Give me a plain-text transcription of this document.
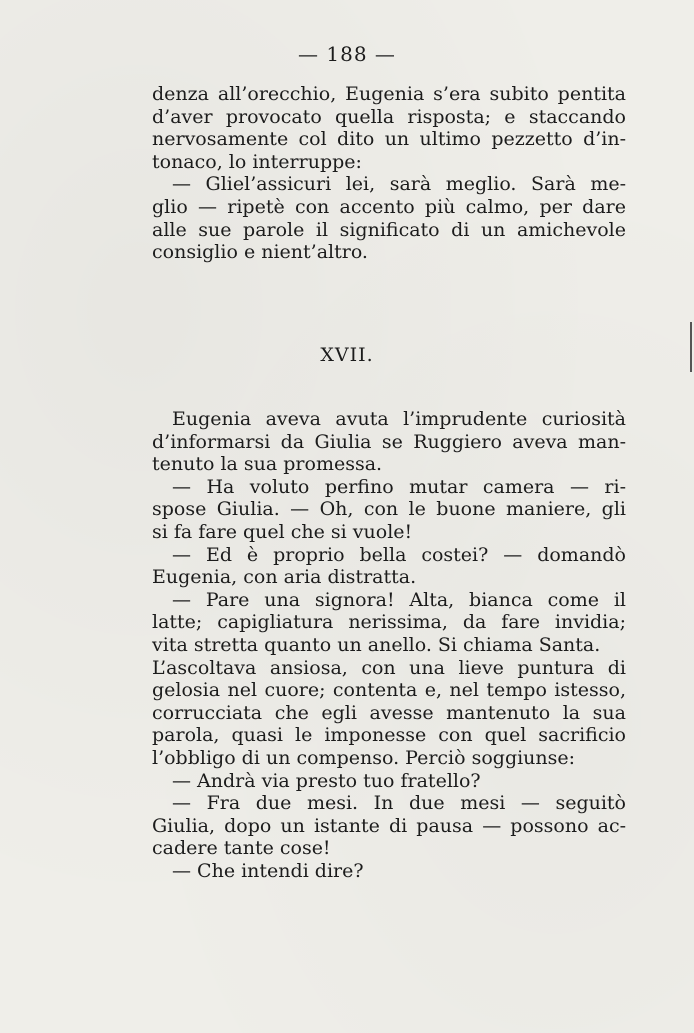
— 188 —
denza all’orecchio, Eugenia s’era subito pentita
d’aver provocato quella risposta; e staccando
nervosamente col dito un ultimo pezzetto d’in-
tonaco, lo interruppe:
— Gliel’assicuri lei, sarà meglio. Sarà me-
glio — ripetè con accento più calmo, per dare
alle sue parole il significato di un amichevole
consiglio e nient’altro.
XVII.
Eugenia aveva avuta l’imprudente curiosità
d’informarsi da Giulia se Ruggiero aveva man-
tenuto la sua promessa.
— Ha voluto perfino mutar camera — ri-
spose Giulia. — Oh, con le buone maniere, gli
si fa fare quel che si vuole!
— Ed è proprio bella costei? — domandò
Eugenia, con aria distratta.
— Pare una signora! Alta, bianca come il
latte; capigliatura nerissima, da fare invidia;
vita stretta quanto un anello. Si chiama Santa.
L’ascoltava ansiosa, con una lieve puntura di
gelosia nel cuore; contenta e, nel tempo istesso,
corrucciata che egli avesse mantenuto la sua
parola, quasi le imponesse con quel sacrificio
l’obbligo di un compenso. Perciò soggiunse:
— Andrà via presto tuo fratello?
— Fra due mesi. In due mesi — seguitò
Giulia, dopo un istante di pausa — possono ac-
cadere tante cose!
— Che intendi dire?
